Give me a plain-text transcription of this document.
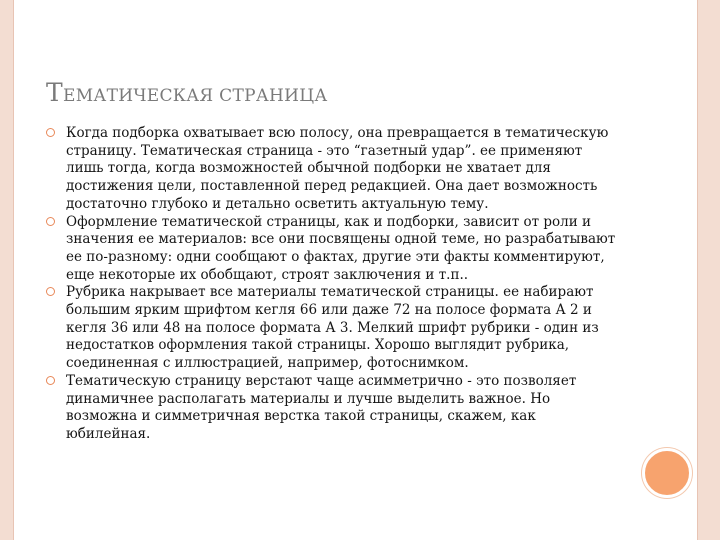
ТЕМАТИЧЕСКАЯ СТРАНИЦА
Когда подборка охватывает всю полосу, она превращается в тематическую страницу. Тематическая страница - это “газетный удар”. ее применяют лишь тогда, когда возможностей обычной подборки не хватает для достижения цели, поставленной перед редакцией. Она дает возможность достаточно глубоко и детально осветить актуальную тему.
Оформление тематической страницы, как и подборки, зависит от роли и значения ее материалов: все они посвящены одной теме, но разрабатывают ее по-разному: одни сообщают о фактах, другие эти факты комментируют, еще некоторые их обобщают, строят заключения и т.п..
Рубрика накрывает все материалы тематической страницы. ее набирают большим ярким шрифтом кегля 66 или даже 72 на полосе формата А 2 и кегля 36 или 48 на полосе формата А 3. Мелкий шрифт рубрики - один из недостатков оформления такой страницы. Хорошо выглядит рубрика, соединенная с иллюстрацией, например, фотоснимком.
Тематическую страницу верстают чаще асимметрично - это позволяет динамичнее располагать материалы и лучше выделить важное. Но возможна и симметричная верстка такой страницы, скажем, как юбилейная.
